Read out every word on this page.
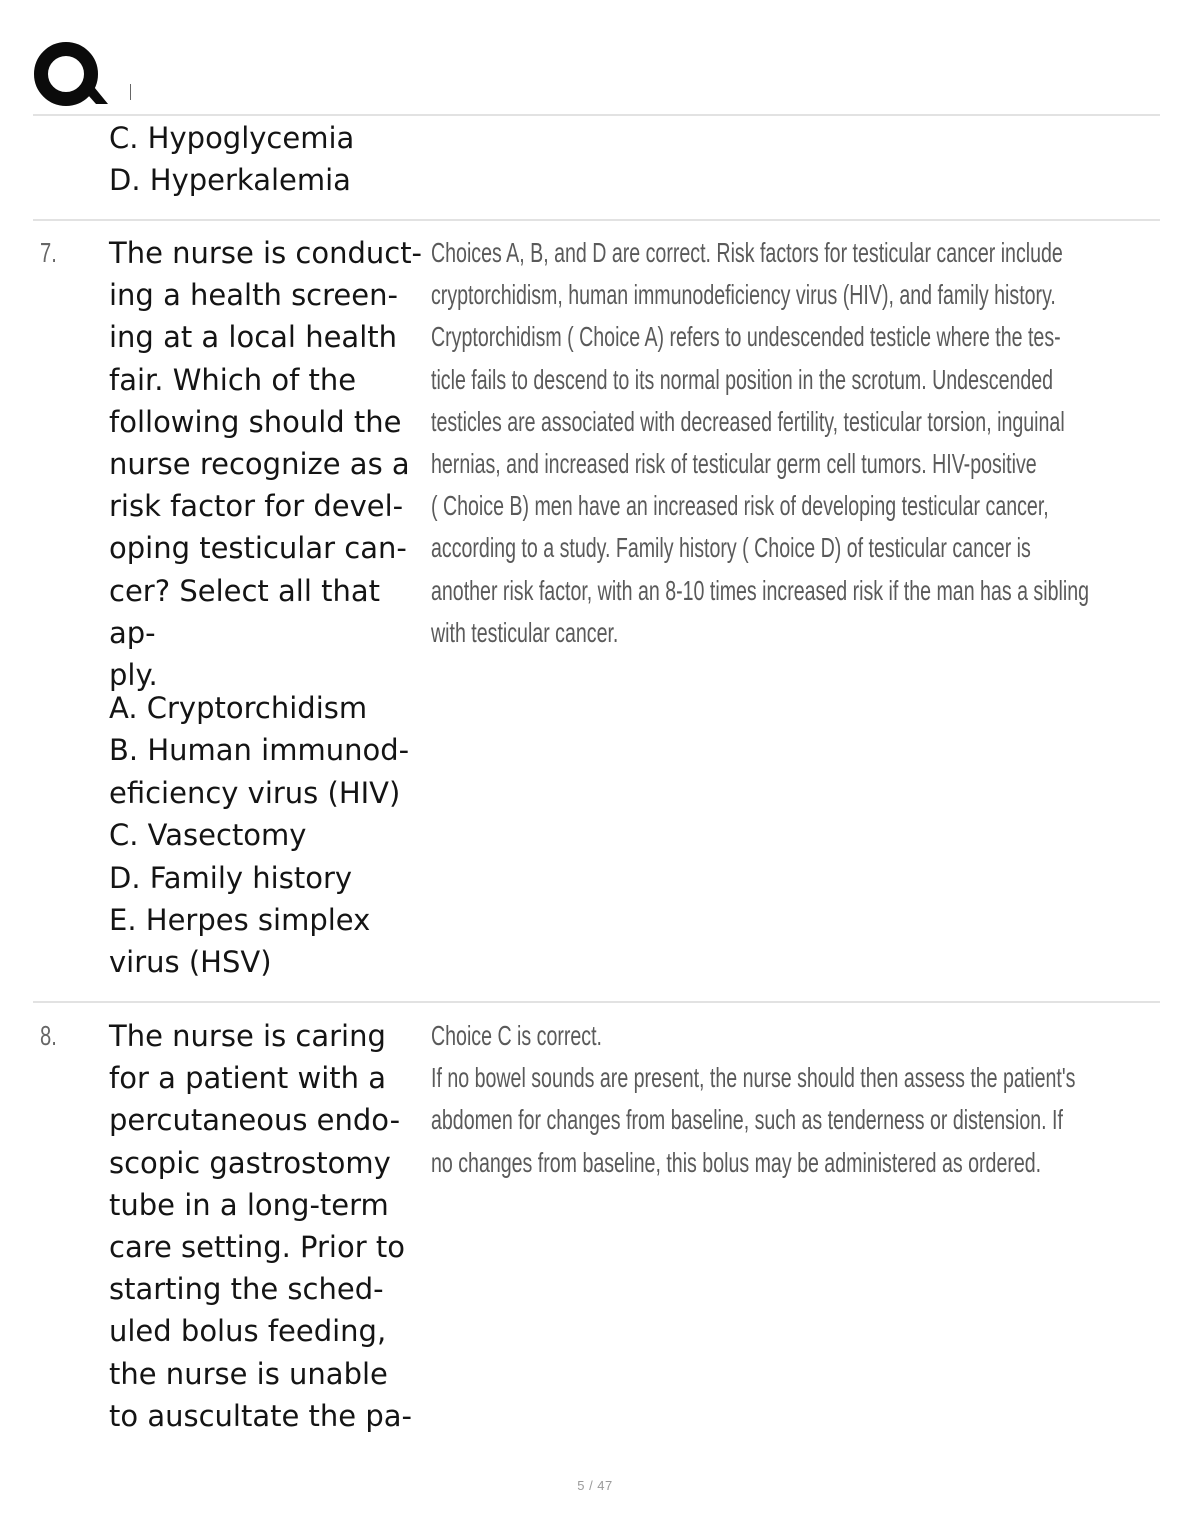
C. Hypoglycemia
D. Hyperkalemia
7. The nurse is conduct-
ing a health screen-
ing at a local health
fair. Which of the
following should the
nurse recognize as a
risk factor for devel-
oping testicular can-
cer? Select all that ap-
ply.

Choices A, B, and D are correct. Risk factors for testicular cancer include
cryptorchidism, human immunodeficiency virus (HIV), and family history.
Cryptorchidism ( Choice A) refers to undescended testicle where the tes-
ticle fails to descend to its normal position in the scrotum. Undescended
testicles are associated with decreased fertility, testicular torsion, inguinal
hernias, and increased risk of testicular germ cell tumors. HIV-positive
( Choice B) men have an increased risk of developing testicular cancer,
according to a study. Family history ( Choice D) of testicular cancer is
another risk factor, with an 8-10 times increased risk if the man has a sibling
with testicular cancer.

A. Cryptorchidism
B. Human immunod-
eficiency virus (HIV)
C. Vasectomy
D. Family history
E. Herpes simplex
virus (HSV)
8. The nurse is caring
for a patient with a
percutaneous endo-
scopic gastrostomy
tube in a long-term
care setting. Prior to
starting the sched-
uled bolus feeding,
the nurse is unable
to auscultate the pa-

Choice C is correct.
If no bowel sounds are present, the nurse should then assess the patient's
abdomen for changes from baseline, such as tenderness or distension. If
no changes from baseline, this bolus may be administered as ordered.

5 / 47
